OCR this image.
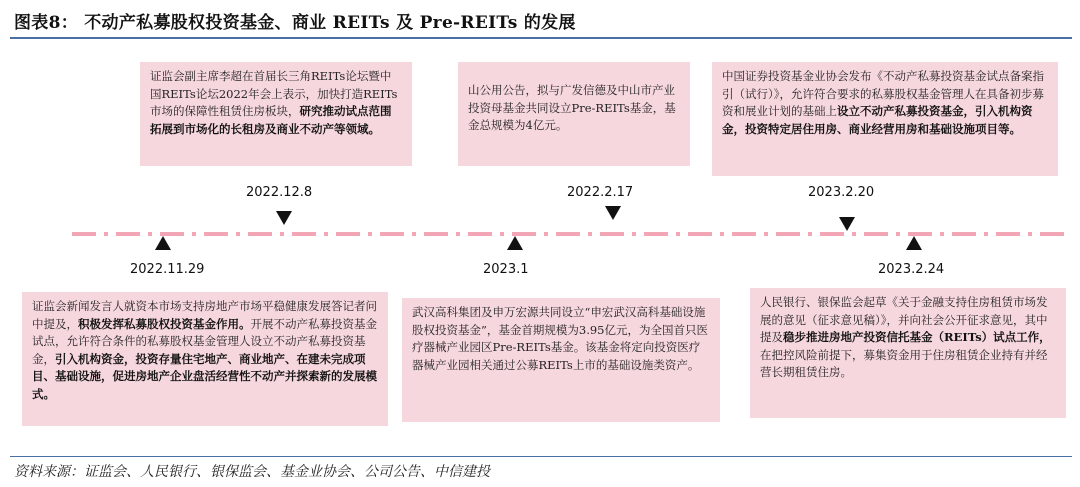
图表8： 不动产私募股权投资基金、商业 REITs 及 Pre-REITs 的发展
证监会副主席李超在首届长三角REITs论坛暨中国REITs论坛2022年会上表示，加快打造REITs市场的保障性租赁住房板块，研究推动试点范围拓展到市场化的长租房及商业不动产等领域。
山公用公告，拟与广发信德及中山市产业投资母基金共同设立Pre-REITs基金，基金总规模为4亿元。
中国证券投资基金业协会发布《不动产私募投资基金试点备案指引（试行）》，允许符合要求的私募股权基金管理人在具备初步募资和展业计划的基础上设立不动产私募投资基金，引入机构资金，投资特定居住用房、商业经营用房和基础设施项目等。
2022.12.8	2022.2.17	2023.2.20
2022.11.29	2023.1	2023.2.24
证监会新闻发言人就资本市场支持房地产市场平稳健康发展答记者问中提及，积极发挥私募股权投资基金作用。开展不动产私募投资基金试点，允许符合条件的私募股权基金管理人设立不动产私募投资基金，引入机构资金，投资存量住宅地产、商业地产、在建未完成项目、基础设施，促进房地产企业盘活经营性不动产并探索新的发展模式。
武汉高科集团及申万宏源共同设立“申宏武汉高科基础设施股权投资基金”，基金首期规模为3.95亿元，为全国首只医疗器械产业园区Pre-REITs基金。该基金将定向投资医疗器械产业园相关通过公募REITs上市的基础设施类资产。
人民银行、银保监会起草《关于金融支持住房租赁市场发展的意见（征求意见稿）》，并向社会公开征求意见，其中提及稳步推进房地产投资信托基金（REITs）试点工作，在把控风险前提下，募集资金用于住房租赁企业持有并经营长期租赁住房。
资料来源：证监会、人民银行、银保监会、基金业协会、公司公告、中信建投
